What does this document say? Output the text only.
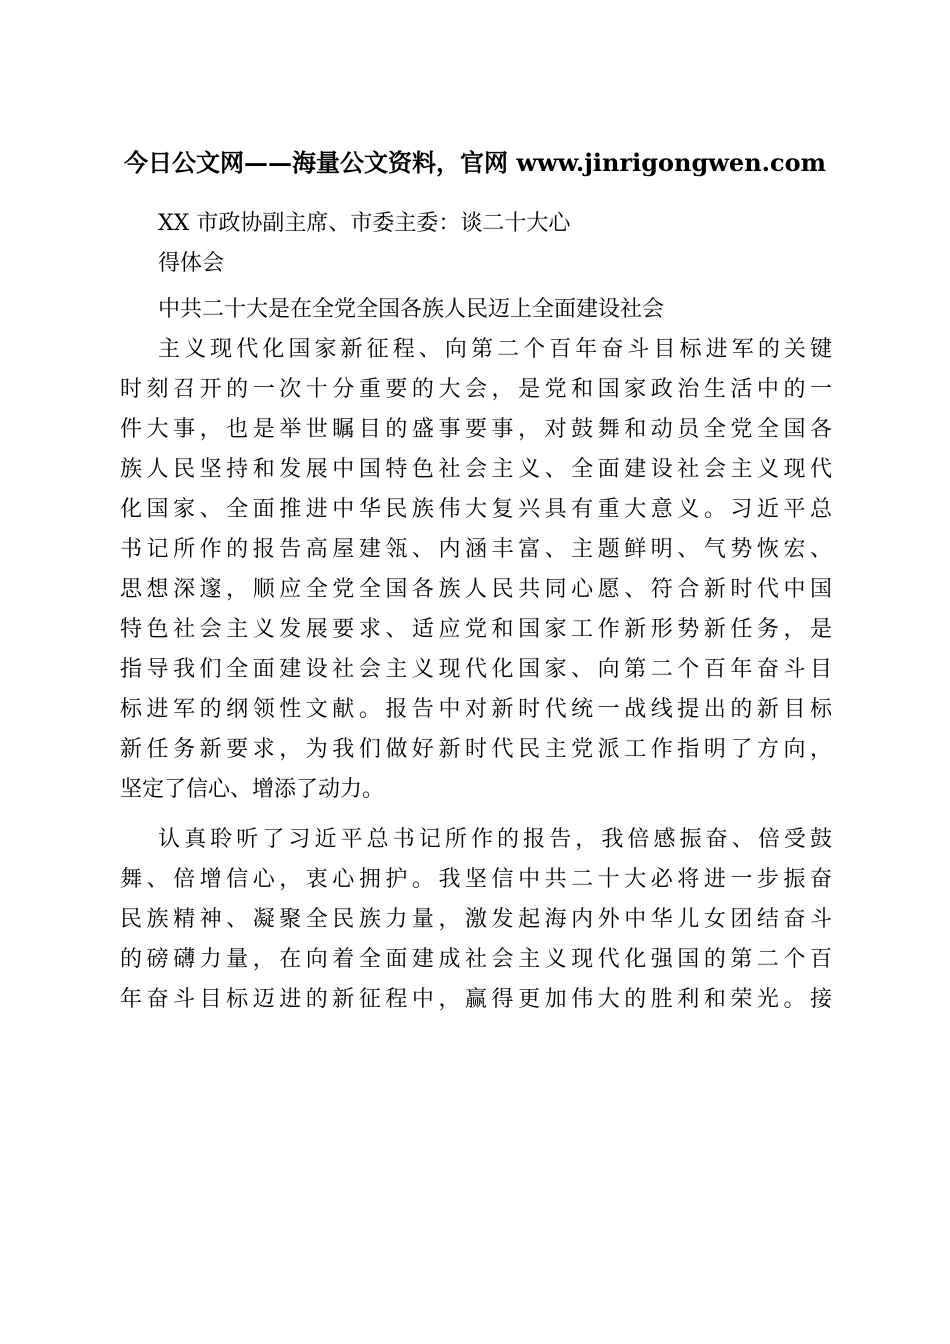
今日公文网——海量公文资料，官网 www.jinrigongwen.com
XX 市政协副主席、市委主委：谈二十大心
得体会
中共二十大是在全党全国各族人民迈上全面建设社会
主义现代化国家新征程、向第二个百年奋斗目标进军的关键
时刻召开的一次十分重要的大会，是党和国家政治生活中的一
件大事，也是举世瞩目的盛事要事，对鼓舞和动员全党全国各
族人民坚持和发展中国特色社会主义、全面建设社会主义现代
化国家、全面推进中华民族伟大复兴具有重大意义。习近平总
书记所作的报告高屋建瓴、内涵丰富、主题鲜明、气势恢宏、
思想深邃，顺应全党全国各族人民共同心愿、符合新时代中国
特色社会主义发展要求、适应党和国家工作新形势新任务，是
指导我们全面建设社会主义现代化国家、向第二个百年奋斗目
标进军的纲领性文献。报告中对新时代统一战线提出的新目标
新任务新要求，为我们做好新时代民主党派工作指明了方向，
坚定了信心、增添了动力。
认真聆听了习近平总书记所作的报告，我倍感振奋、倍受鼓
舞、倍增信心，衷心拥护。我坚信中共二十大必将进一步振奋
民族精神、凝聚全民族力量，激发起海内外中华儿女团结奋斗
的磅礴力量，在向着全面建成社会主义现代化强国的第二个百
年奋斗目标迈进的新征程中，赢得更加伟大的胜利和荣光。接
